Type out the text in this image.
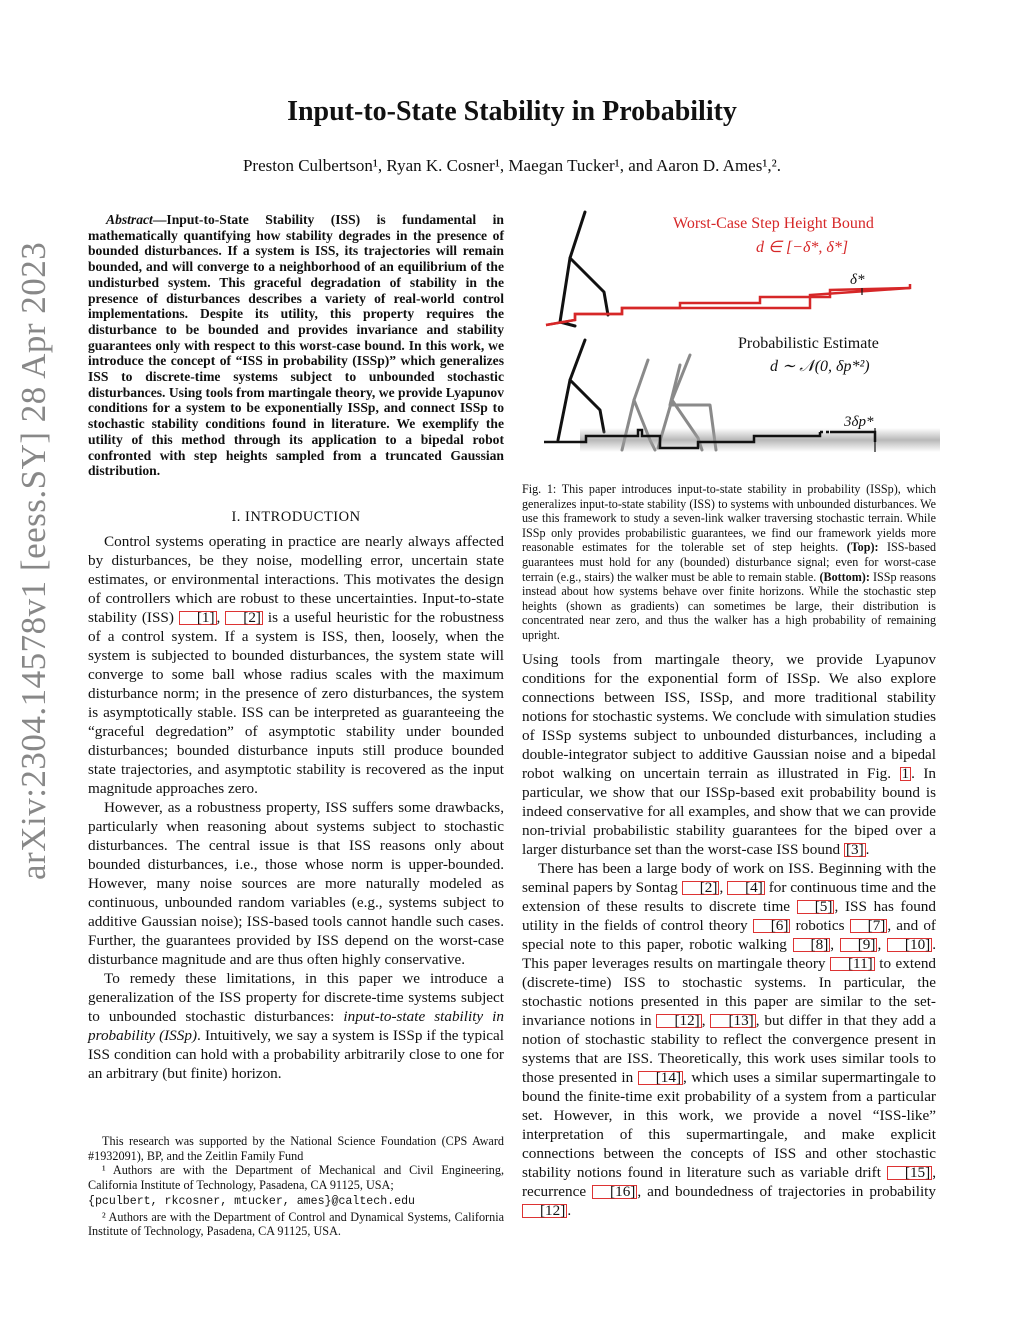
arXiv:2304.14578v1 [eess.SY] 28 Apr 2023
Input-to-State Stability in Probability
Preston Culbertson¹, Ryan K. Cosner¹, Maegan Tucker¹, and Aaron D. Ames¹,².
Abstract—Input-to-State Stability (ISS) is fundamental in mathematically quantifying how stability degrades in the presence of bounded disturbances. If a system is ISS, its trajectories will remain bounded, and will converge to a neighborhood of an equilibrium of the undisturbed system. This graceful degradation of stability in the presence of disturbances describes a variety of real-world control implementations. Despite its utility, this property requires the disturbance to be bounded and provides invariance and stability guarantees only with respect to this worst-case bound. In this work, we introduce the concept of “ISS in probability (ISSp)” which generalizes ISS to discrete-time systems subject to unbounded stochastic disturbances. Using tools from martingale theory, we provide Lyapunov conditions for a system to be exponentially ISSp, and connect ISSp to stochastic stability conditions found in literature. We exemplify the utility of this method through its application to a bipedal robot confronted with step heights sampled from a truncated Gaussian distribution.
I. INTRODUCTION

Control systems operating in practice are nearly always affected by disturbances, be they noise, modelling error, uncertain state estimates, or environmental interactions. This motivates the design of controllers which are robust to these uncertainties. Input-to-state stability (ISS) [1] , [2] is a useful heuristic for the robustness of a control system. If a system is ISS, then, loosely, when the system is subjected to bounded disturbances, the system state will converge to some ball whose radius scales with the maximum disturbance norm; in the presence of zero disturbances, the system is asymptotically stable. ISS can be interpreted as guaranteeing the “graceful degredation” of asymptotic stability under bounded disturbances; bounded disturbance inputs still produce bounded state trajectories, and asymptotic stability is recovered as the input magnitude approaches zero.

However, as a robustness property, ISS suffers some drawbacks, particularly when reasoning about systems subject to stochastic disturbances. The central issue is that ISS reasons only about bounded disturbances, i.e., those whose norm is upper-bounded. However, many noise sources are more naturally modeled as continuous, unbounded random variables (e.g., systems subject to additive Gaussian noise); ISS-based tools cannot handle such cases. Further, the guarantees provided by ISS depend on the worst-case disturbance magnitude and are thus often highly conservative.

To remedy these limitations, in this paper we introduce a generalization of the ISS property for discrete-time systems subject to unbounded stochastic disturbances: input-to-state stability in probability (ISSp). Intuitively, we say a system is ISSp if the typical ISS condition can hold with a probability arbitrarily close to one for an arbitrary (but finite) horizon.

This research was supported by the National Science Foundation (CPS Award #1932091), BP, and the Zeitlin Family Fund

¹ Authors are with the Department of Mechanical and Civil Engineering, California Institute of Technology, Pasadena, CA 91125, USA;
{pculbert, rkcosner, mtucker, ames}@caltech.edu

² Authors are with the Department of Control and Dynamical Systems, California Institute of Technology, Pasadena, CA 91125, USA.

Worst-Case Step Height Bound
d ∈ [−δ*, δ*]
δ*
Probabilistic Estimate
d ∼ 𝒩(0, δp*²)
3δp*
Fig. 1: This paper introduces input-to-state stability in probability (ISSp), which generalizes input-to-state stability (ISS) to systems with unbounded disturbances. We use this framework to study a seven-link walker traversing stochastic terrain. While ISSp only provides probabilistic guarantees, we find our framework yields more reasonable estimates for the tolerable set of step heights. (Top): ISS-based guarantees must hold for any (bounded) disturbance signal; even for worst-case terrain (e.g., stairs) the walker must be able to remain stable. (Bottom): ISSp reasons instead about how systems behave over finite horizons. While the stochastic step heights (shown as gradients) can sometimes be large, their distribution is concentrated near zero, and thus the walker has a high probability of remaining upright.

Using tools from martingale theory, we provide Lyapunov conditions for the exponential form of ISSp. We also explore connections between ISS, ISSp, and more traditional stability notions for stochastic systems. We conclude with simulation studies of ISSp systems subject to unbounded disturbances, including a double-integrator subject to additive Gaussian noise and a bipedal robot walking on uncertain terrain as illustrated in Fig. 1 . In particular, we show that our ISSp-based exit probability bound is indeed conservative for all examples, and show that we can provide non-trivial probabilistic stability guarantees for the biped over a larger disturbance set than the worst-case ISS bound [3] .

There has been a large body of work on ISS. Beginning with the seminal papers by Sontag [2] , [4] for continuous time and the extension of these results to discrete time [5] , ISS has found utility in the fields of control theory [6] robotics [7] , and of special note to this paper, robotic walking [8] , [9] , [10] . This paper leverages results on martingale theory [11] to extend (discrete-time) ISS to stochastic systems. In particular, the stochastic notions presented in this paper are similar to the set-invariance notions in [12] , [13] , but differ in that they add a notion of stochastic stability to reflect the convergence present in systems that are ISS. Theoretically, this work uses similar tools to those presented in [14] , which uses a similar supermartingale to bound the finite-time exit probability of a system from a particular set. However, in this work, we provide a novel “ISS-like” interpretation of this supermartingale, and make explicit connections between the concepts of ISS and other stochastic stability notions found in literature such as variable drift [15] , recurrence [16] , and boundedness of trajectories in probability [12] .
